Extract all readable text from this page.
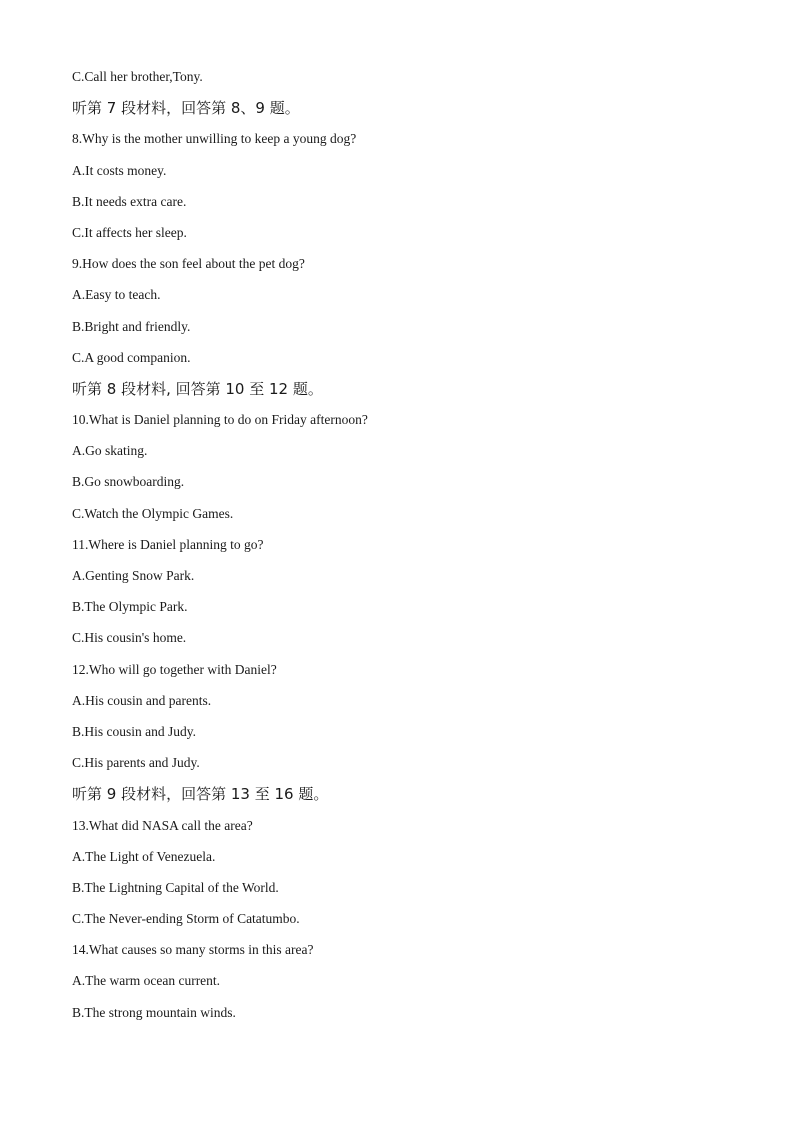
C.Call her brother,Tony.
听第 7 段材料，回答第 8、9 题。
8.Why is the mother unwilling to keep a young dog?
A.It costs money.
B.It needs extra care.
C.It affects her sleep.
9.How does the son feel about the pet dog?
A.Easy to teach.
B.Bright and friendly.
C.A good companion.
听第 8 段材料, 回答第 10 至 12 题。
10.What is Daniel planning to do on Friday afternoon?
A.Go skating.
B.Go snowboarding.
C.Watch the Olympic Games.
11.Where is Daniel planning to go?
A.Genting Snow Park.
B.The Olympic Park.
C.His cousin's home.
12.Who will go together with Daniel?
A.His cousin and parents.
B.His cousin and Judy.
C.His parents and Judy.
听第 9 段材料，回答第 13 至 16 题。
13.What did NASA call the area?
A.The Light of Venezuela.
B.The Lightning Capital of the World.
C.The Never-ending Storm of Catatumbo.
14.What causes so many storms in this area?
A.The warm ocean current.
B.The strong mountain winds.
